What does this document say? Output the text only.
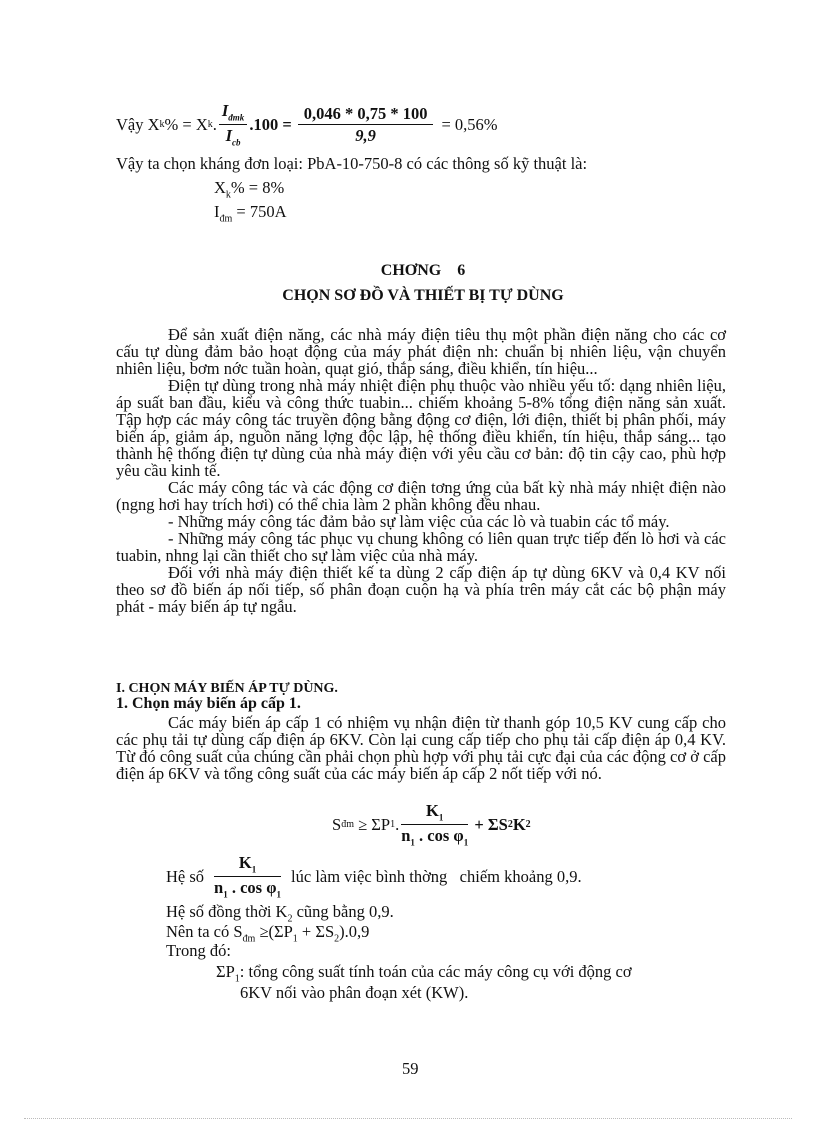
Vậy X k % = X k . $\frac{I_{đmk}}{I_{cb}} .100 = \frac{0,046 * 0,75 * 100}{9,9} = 0,56\%$
Vậy ta chọn kháng đơn loại: PbA-10-750-8 có các thông số kỹ thuật là:
$X_k\% = 8\%$
$I_{đm} = 750A$
CHƠNG    6
CHỌN SƠ ĐỒ VÀ THIẾT BỊ TỰ DÙNG

Để sản xuất điện năng, các nhà máy điện tiêu thụ một phần điện năng cho các cơ cấu tự dùng đảm bảo hoạt động của máy phát điện nh: chuẩn bị nhiên liệu, vận chuyển nhiên liệu, bơm nớc tuần hoàn, quạt gió, thắp sáng, điều khiển, tín hiệu...

Điện tự dùng trong nhà máy nhiệt điện phụ thuộc vào nhiều yếu tố: dạng nhiên liệu, áp suất ban đầu, kiểu và công thức tuabin... chiếm khoảng 5-8% tổng điện năng sản xuất. Tập hợp các máy công tác truyền động bằng động cơ điện, lới điện, thiết bị phân phối, máy biến áp, giảm áp, nguồn năng lợng độc lập, hệ thống điều khiển, tín hiệu, thắp sáng... tạo thành hệ thống điện tự dùng của nhà máy điện với yêu cầu cơ bản: độ tin cậy cao, phù hợp yêu cầu kinh tế.

Các máy công tác và các động cơ điện tơng ứng của bất kỳ nhà máy nhiệt điện nào (ngng hơi hay trích hơi) có thể chia làm 2 phần không đều nhau.

- Những máy công tác đảm bảo sự làm việc của các lò và tuabin các tổ máy.

- Những máy công tác phục vụ chung không có liên quan trực tiếp đến lò hơi và các tuabin, nhng lại cần thiết cho sự làm việc của nhà máy.

Đối với nhà máy điện thiết kế ta dùng 2 cấp điện áp tự dùng 6KV và 0,4 KV nối theo sơ đồ biến áp nối tiếp, số phân đoạn cuộn hạ và phía trên máy cắt các bộ phận máy phát - máy biến áp tự ngẫu.

I. CHỌN MÁY BIẾN ÁP TỰ DÙNG.
1. Chọn máy biến áp cấp 1.

Các máy biến áp cấp 1 có nhiệm vụ nhận điện từ thanh góp 10,5 KV cung cấp cho các phụ tải tự dùng cấp điện áp 6KV. Còn lại cung cấp tiếp cho phụ tải cấp điện áp 0,4 KV. Từ đó công suất của chúng cần phải chọn phù hợp với phụ tải cực đại của các động cơ ở cấp điện áp 6KV và tổng công suất của các máy biến áp cấp 2 nốt tiếp với nó.

S đm ≥ Σ P 1 . $\frac{K_1}{n_1 . \cos \varphi_1} + \Sigma S$ 2 K 2
Hệ số $\frac{K_1}{n_1 . \cos \varphi_1}$ lúc làm việc bình thờng   chiếm khoảng 0,9.
Hệ số đồng thời $K_2$ cũng bằng 0,9.
Nên ta có $S_{đm} \ge(\Sigma P_1 + \Sigma S_2).0,9$
Trong đó:
$\Sigma P_1$: tổng công suất tính toán của các máy công cụ với động cơ
6KV nối vào phân đoạn xét (KW).
59
